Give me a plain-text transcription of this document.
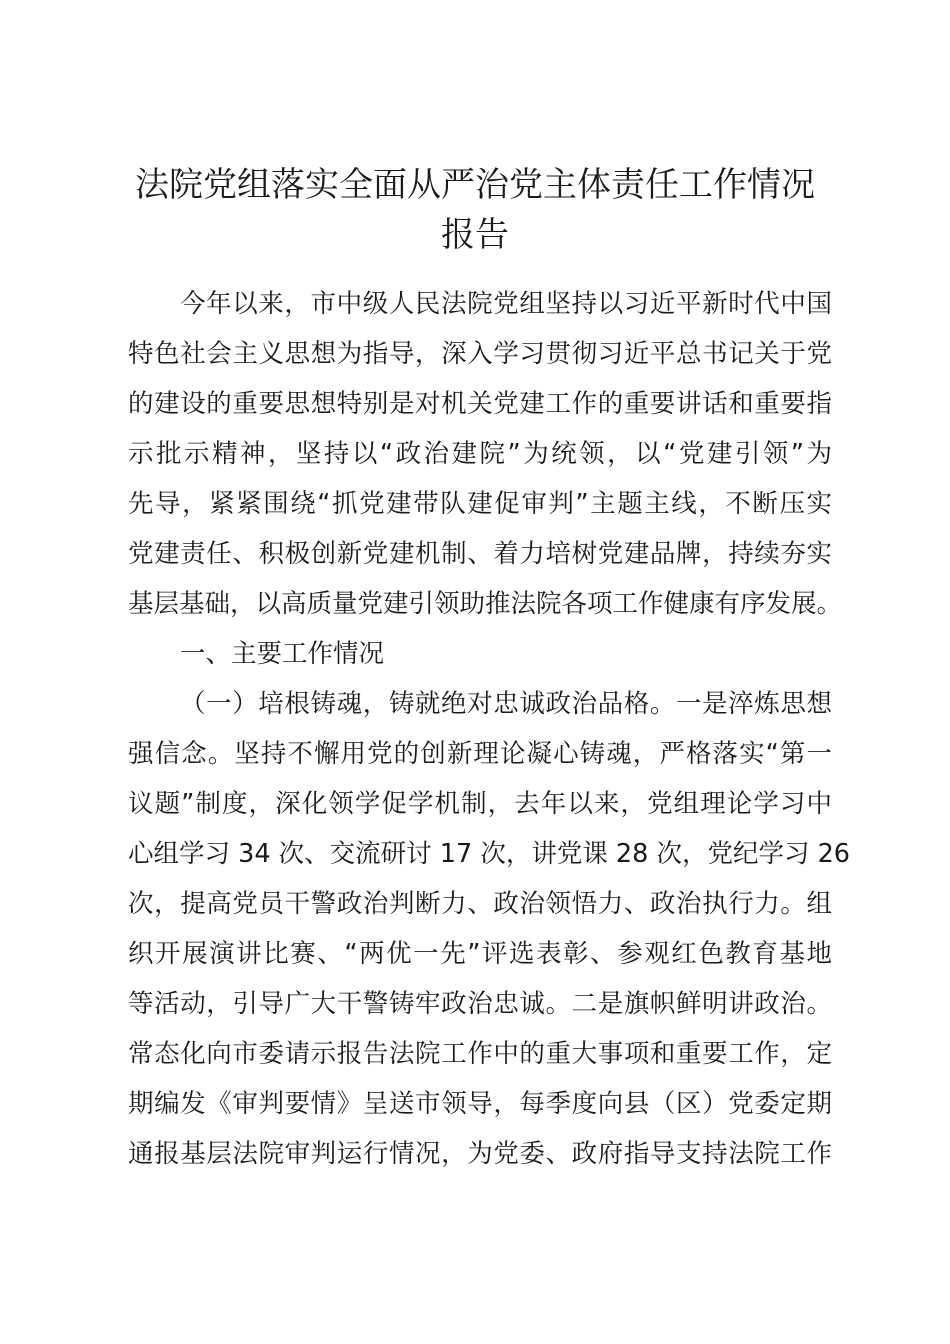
法院党组落实全面从严治党主体责任工作情况
报告
今年以来，市中级人民法院党组坚持以习近平新时代中国
特色社会主义思想为指导，深入学习贯彻习近平总书记关于党
的建设的重要思想特别是对机关党建工作的重要讲话和重要指
示批示精神，坚持以“政治建院”为统领，以“党建引领”为
先导，紧紧围绕“抓党建带队建促审判”主题主线，不断压实
党建责任、积极创新党建机制、着力培树党建品牌，持续夯实
基层基础，以高质量党建引领助推法院各项工作健康有序发展。
一、主要工作情况
（一）培根铸魂，铸就绝对忠诚政治品格。一是淬炼思想
强信念。坚持不懈用党的创新理论凝心铸魂，严格落实“第一
议题”制度，深化领学促学机制，去年以来，党组理论学习中
心组学习 34 次、交流研讨 17 次，讲党课 28 次，党纪学习 26
次，提高党员干警政治判断力、政治领悟力、政治执行力。组
织开展演讲比赛、“两优一先”评选表彰、参观红色教育基地
等活动，引导广大干警铸牢政治忠诚。二是旗帜鲜明讲政治。
常态化向市委请示报告法院工作中的重大事项和重要工作，定
期编发《审判要情》呈送市领导，每季度向县（区）党委定期
通报基层法院审判运行情况，为党委、政府指导支持法院工作
